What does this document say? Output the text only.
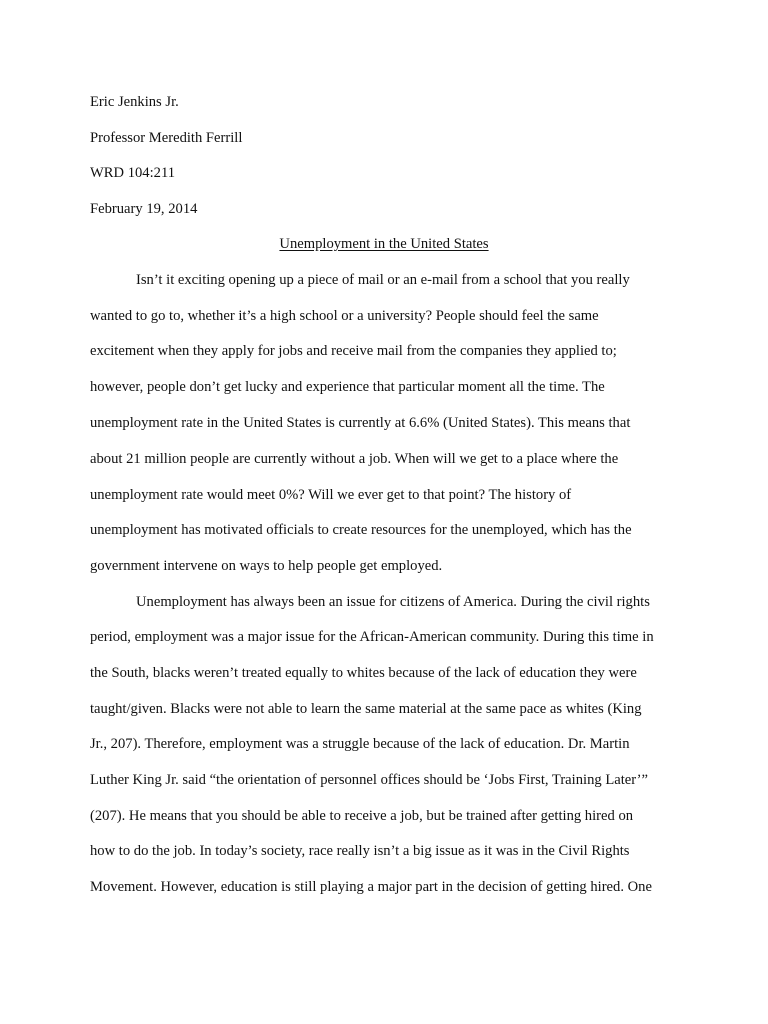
Eric Jenkins Jr.
Professor Meredith Ferrill
WRD 104:211
February 19, 2014
Unemployment in the United States
Isn’t it exciting opening up a piece of mail or an e-mail from a school that you really
wanted to go to, whether it’s a high school or a university? People should feel the same
excitement when they apply for jobs and receive mail from the companies they applied to;
however, people don’t get lucky and experience that particular moment all the time. The
unemployment rate in the United States is currently at 6.6% (United States). This means that
about 21 million people are currently without a job. When will we get to a place where the
unemployment rate would meet 0%? Will we ever get to that point? The history of
unemployment has motivated officials to create resources for the unemployed, which has the
government intervene on ways to help people get employed.
Unemployment has always been an issue for citizens of America. During the civil rights
period, employment was a major issue for the African-American community. During this time in
the South, blacks weren’t treated equally to whites because of the lack of education they were
taught/given. Blacks were not able to learn the same material at the same pace as whites (King
Jr., 207). Therefore, employment was a struggle because of the lack of education. Dr. Martin
Luther King Jr. said “the orientation of personnel offices should be ‘Jobs First, Training Later’”
(207). He means that you should be able to receive a job, but be trained after getting hired on
how to do the job. In today’s society, race really isn’t a big issue as it was in the Civil Rights
Movement. However, education is still playing a major part in the decision of getting hired. One
